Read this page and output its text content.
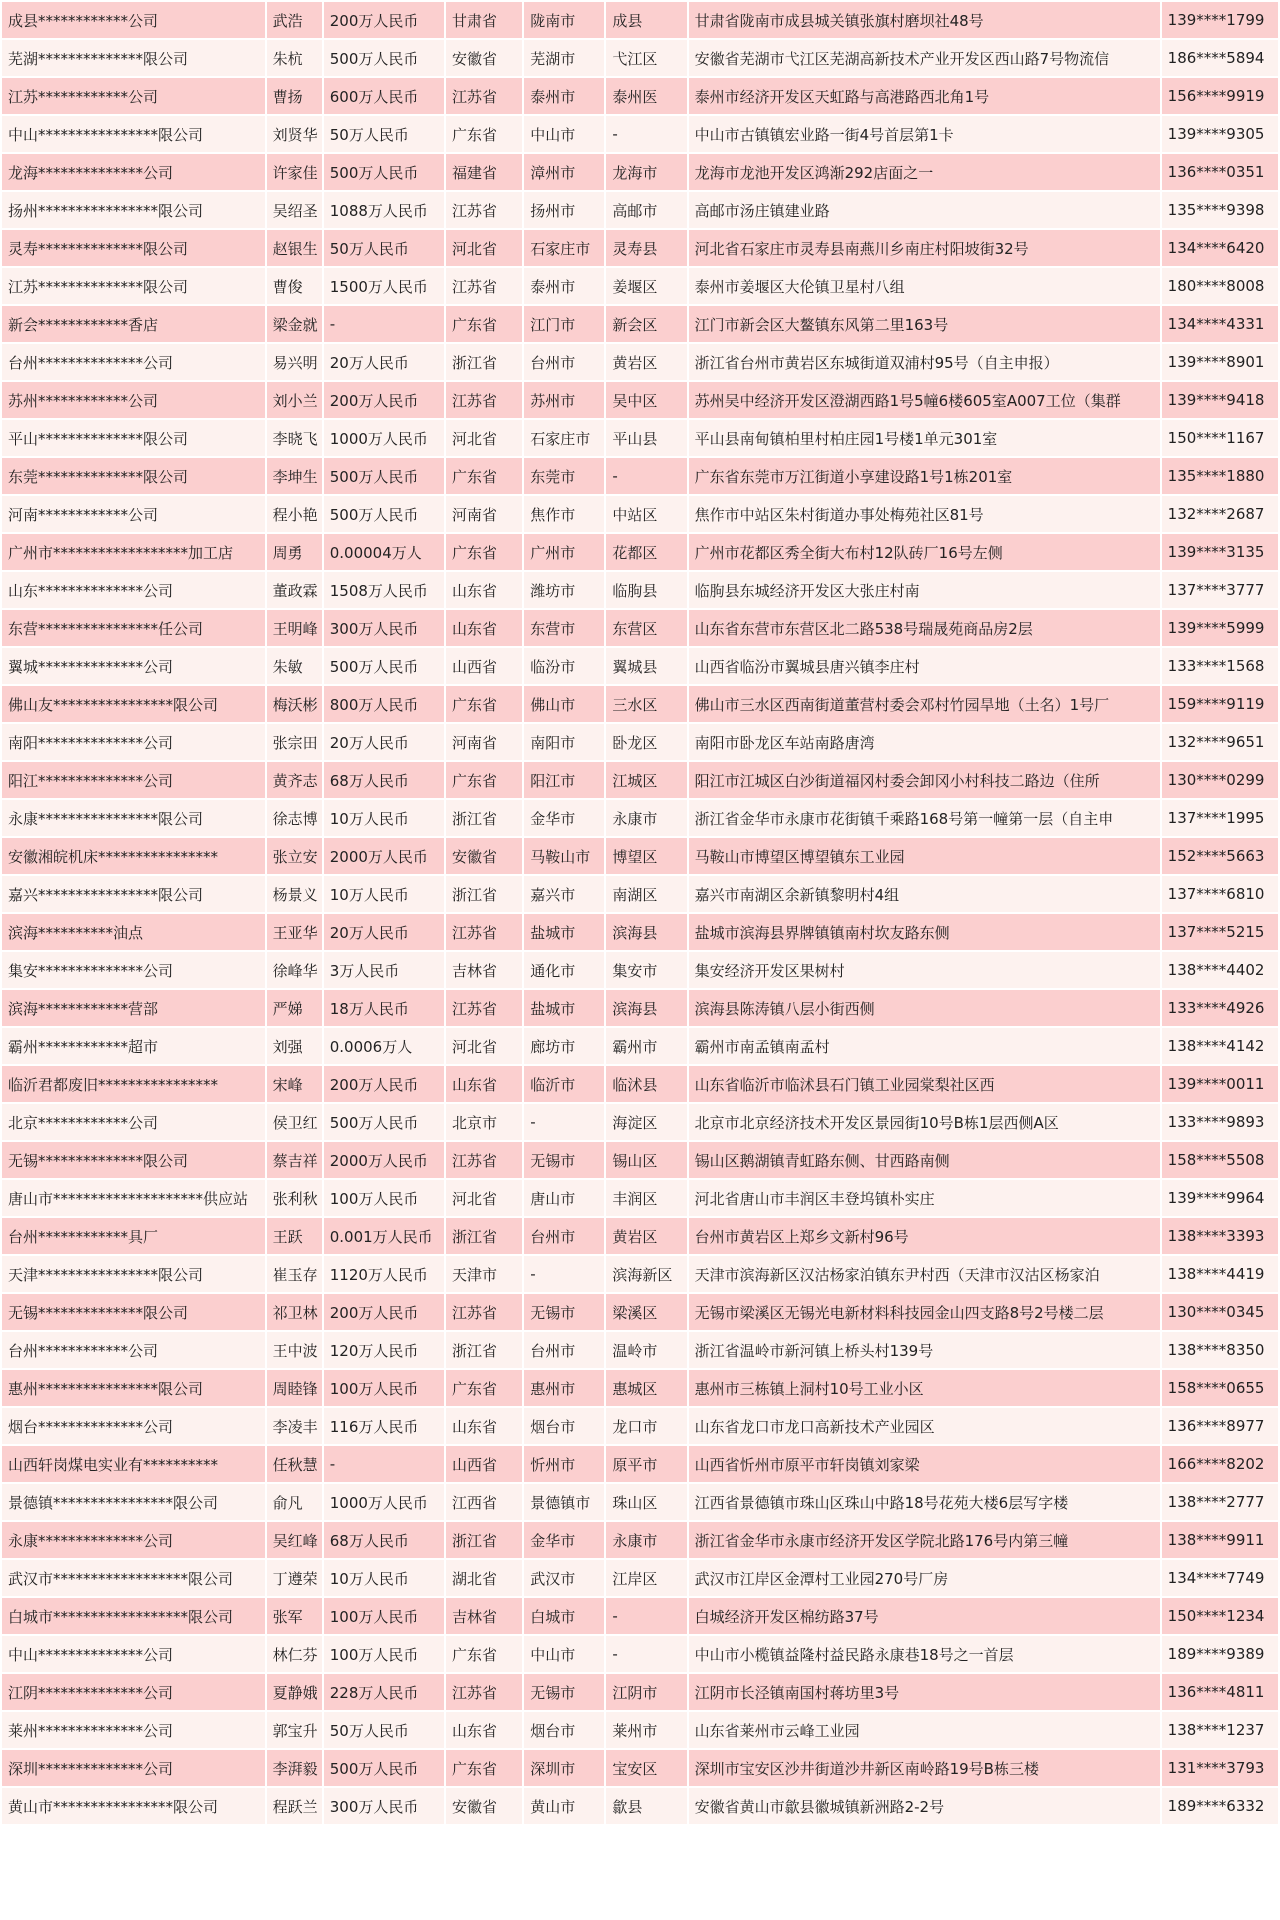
成县************公司	武浩	200万人民币	甘肃省	陇南市	成县	甘肃省陇南市成县城关镇张旗村磨坝社48号	139****1799
芜湖**************限公司	朱杭	500万人民币	安徽省	芜湖市	弋江区	安徽省芜湖市弋江区芜湖高新技术产业开发区西山路7号物流信	186****5894
江苏************公司	曹扬	600万人民币	江苏省	泰州市	泰州医	泰州市经济开发区天虹路与高港路西北角1号	156****9919
中山****************限公司	刘贤华	50万人民币	广东省	中山市	-	中山市古镇镇宏业路一街4号首层第1卡	139****9305
龙海**************公司	许家佳	500万人民币	福建省	漳州市	龙海市	龙海市龙池开发区鸿渐292店面之一	136****0351
扬州****************限公司	吴绍圣	1088万人民币	江苏省	扬州市	高邮市	高邮市汤庄镇建业路	135****9398
灵寿**************限公司	赵银生	50万人民币	河北省	石家庄市	灵寿县	河北省石家庄市灵寿县南燕川乡南庄村阳坡街32号	134****6420
江苏**************限公司	曹俊	1500万人民币	江苏省	泰州市	姜堰区	泰州市姜堰区大伦镇卫星村八组	180****8008
新会************香店	梁金就	-	广东省	江门市	新会区	江门市新会区大鳌镇东风第二里163号	134****4331
台州**************公司	易兴明	20万人民币	浙江省	台州市	黄岩区	浙江省台州市黄岩区东城街道双浦村95号（自主申报）	139****8901
苏州************公司	刘小兰	200万人民币	江苏省	苏州市	吴中区	苏州吴中经济开发区澄湖西路1号5幢6楼605室A007工位（集群	139****9418
平山**************限公司	李晓飞	1000万人民币	河北省	石家庄市	平山县	平山县南甸镇柏里村柏庄园1号楼1单元301室	150****1167
东莞**************限公司	李坤生	500万人民币	广东省	东莞市	-	广东省东莞市万江街道小享建设路1号1栋201室	135****1880
河南************公司	程小艳	500万人民币	河南省	焦作市	中站区	焦作市中站区朱村街道办事处梅苑社区81号	132****2687
广州市******************加工店	周勇	0.00004万人	广东省	广州市	花都区	广州市花都区秀全街大布村12队砖厂16号左侧	139****3135
山东**************公司	董政霖	1508万人民币	山东省	潍坊市	临朐县	临朐县东城经济开发区大张庄村南	137****3777
东营****************任公司	王明峰	300万人民币	山东省	东营市	东营区	山东省东营市东营区北二路538号瑞晟苑商品房2层	139****5999
翼城**************公司	朱敏	500万人民币	山西省	临汾市	翼城县	山西省临汾市翼城县唐兴镇李庄村	133****1568
佛山友****************限公司	梅沃彬	800万人民币	广东省	佛山市	三水区	佛山市三水区西南街道董营村委会邓村竹园旱地（土名）1号厂	159****9119
南阳**************公司	张宗田	20万人民币	河南省	南阳市	卧龙区	南阳市卧龙区车站南路唐湾	132****9651
阳江**************公司	黄齐志	68万人民币	广东省	阳江市	江城区	阳江市江城区白沙街道福冈村委会卸冈小村科技二路边（住所	130****0299
永康****************限公司	徐志博	10万人民币	浙江省	金华市	永康市	浙江省金华市永康市花街镇千乘路168号第一幢第一层（自主申	137****1995
安徽湘皖机床****************	张立安	2000万人民币	安徽省	马鞍山市	博望区	马鞍山市博望区博望镇东工业园	152****5663
嘉兴****************限公司	杨景义	10万人民币	浙江省	嘉兴市	南湖区	嘉兴市南湖区余新镇黎明村4组	137****6810
滨海**********油点	王亚华	20万人民币	江苏省	盐城市	滨海县	盐城市滨海县界牌镇镇南村坎友路东侧	137****5215
集安**************公司	徐峰华	3万人民币	吉林省	通化市	集安市	集安经济开发区果树村	138****4402
滨海************营部	严娣	18万人民币	江苏省	盐城市	滨海县	滨海县陈涛镇八层小街西侧	133****4926
霸州************超市	刘强	0.0006万人	河北省	廊坊市	霸州市	霸州市南孟镇南孟村	138****4142
临沂君都废旧****************	宋峰	200万人民币	山东省	临沂市	临沭县	山东省临沂市临沭县石门镇工业园棠梨社区西	139****0011
北京************公司	侯卫红	500万人民币	北京市	-	海淀区	北京市北京经济技术开发区景园街10号B栋1层西侧A区	133****9893
无锡**************限公司	蔡吉祥	2000万人民币	江苏省	无锡市	锡山区	锡山区鹅湖镇青虹路东侧、甘西路南侧	158****5508
唐山市********************供应站	张利秋	100万人民币	河北省	唐山市	丰润区	河北省唐山市丰润区丰登坞镇朴实庄	139****9964
台州************具厂	王跃	0.001万人民币	浙江省	台州市	黄岩区	台州市黄岩区上郑乡文新村96号	138****3393
天津****************限公司	崔玉存	1120万人民币	天津市	-	滨海新区	天津市滨海新区汉沽杨家泊镇东尹村西（天津市汉沽区杨家泊	138****4419
无锡**************限公司	祁卫林	200万人民币	江苏省	无锡市	梁溪区	无锡市梁溪区无锡光电新材料科技园金山四支路8号2号楼二层	130****0345
台州************公司	王中波	120万人民币	浙江省	台州市	温岭市	浙江省温岭市新河镇上桥头村139号	138****8350
惠州****************限公司	周睦锋	100万人民币	广东省	惠州市	惠城区	惠州市三栋镇上洞村10号工业小区	158****0655
烟台**************公司	李凌丰	116万人民币	山东省	烟台市	龙口市	山东省龙口市龙口高新技术产业园区	136****8977
山西轩岗煤电实业有**********	任秋慧	-	山西省	忻州市	原平市	山西省忻州市原平市轩岗镇刘家梁	166****8202
景德镇****************限公司	俞凡	1000万人民币	江西省	景德镇市	珠山区	江西省景德镇市珠山区珠山中路18号花苑大楼6层写字楼	138****2777
永康**************公司	吴红峰	68万人民币	浙江省	金华市	永康市	浙江省金华市永康市经济开发区学院北路176号内第三幢	138****9911
武汉市******************限公司	丁遵荣	10万人民币	湖北省	武汉市	江岸区	武汉市江岸区金潭村工业园270号厂房	134****7749
白城市******************限公司	张军	100万人民币	吉林省	白城市	-	白城经济开发区棉纺路37号	150****1234
中山**************公司	林仁芬	100万人民币	广东省	中山市	-	中山市小榄镇益隆村益民路永康巷18号之一首层	189****9389
江阴**************公司	夏静娥	228万人民币	江苏省	无锡市	江阴市	江阴市长泾镇南国村蒋坊里3号	136****4811
莱州**************公司	郭宝升	50万人民币	山东省	烟台市	莱州市	山东省莱州市云峰工业园	138****1237
深圳**************公司	李湃毅	500万人民币	广东省	深圳市	宝安区	深圳市宝安区沙井街道沙井新区南岭路19号B栋三楼	131****3793
黄山市****************限公司	程跃兰	300万人民币	安徽省	黄山市	歙县	安徽省黄山市歙县徽城镇新洲路2-2号	189****6332
